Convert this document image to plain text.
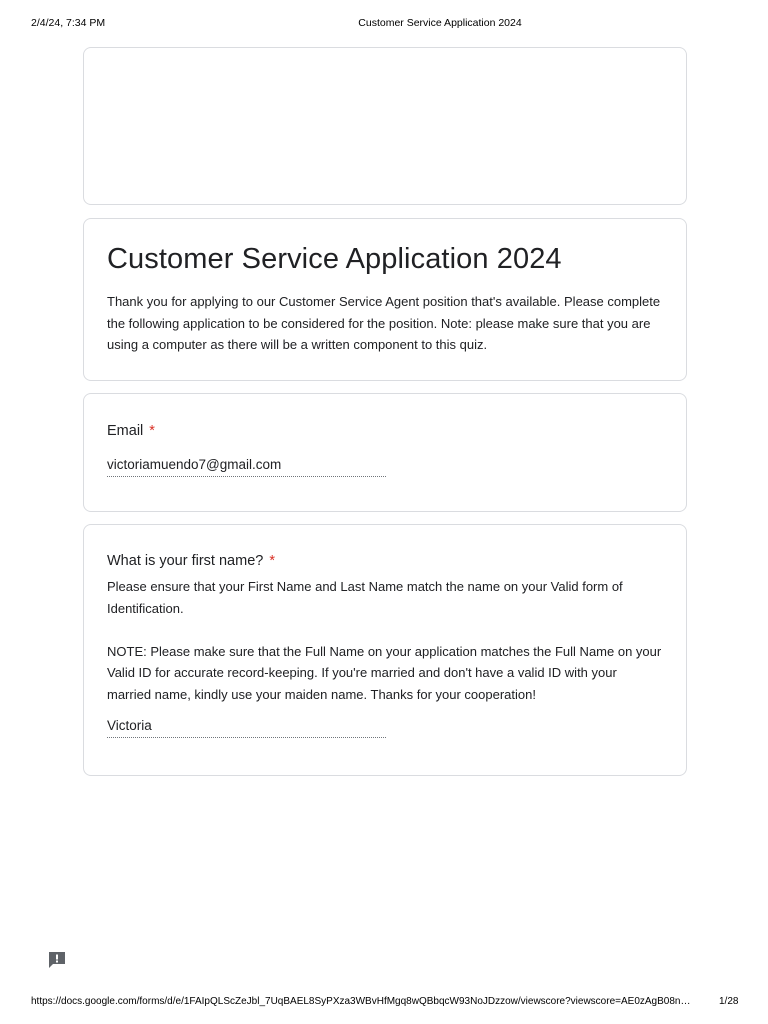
2/4/24, 7:34 PM	Customer Service Application 2024
Customer Service Application 2024
Thank you for applying to our Customer Service Agent position that's available. Please complete the following application to be considered for the position. Note: please make sure that you are using a computer as there will be a written component to this quiz.
Email *
victoriamuendo7@gmail.com
What is your first name? *

Please ensure that your First Name and Last Name match the name on your Valid form of Identification.

NOTE: Please make sure that the Full Name on your application matches the Full Name on your Valid ID for accurate record-keeping. If you're married and don't have a valid ID with your married name, kindly use your maiden name. Thanks for your cooperation!

Victoria
https://docs.google.com/forms/d/e/1FAIpQLScZeJbl_7UqBAEL8SyPXza3WBvHfMgq8wQBbqcW93NoJDzzow/viewscore?viewscore=AE0zAgB08n…	1/28
